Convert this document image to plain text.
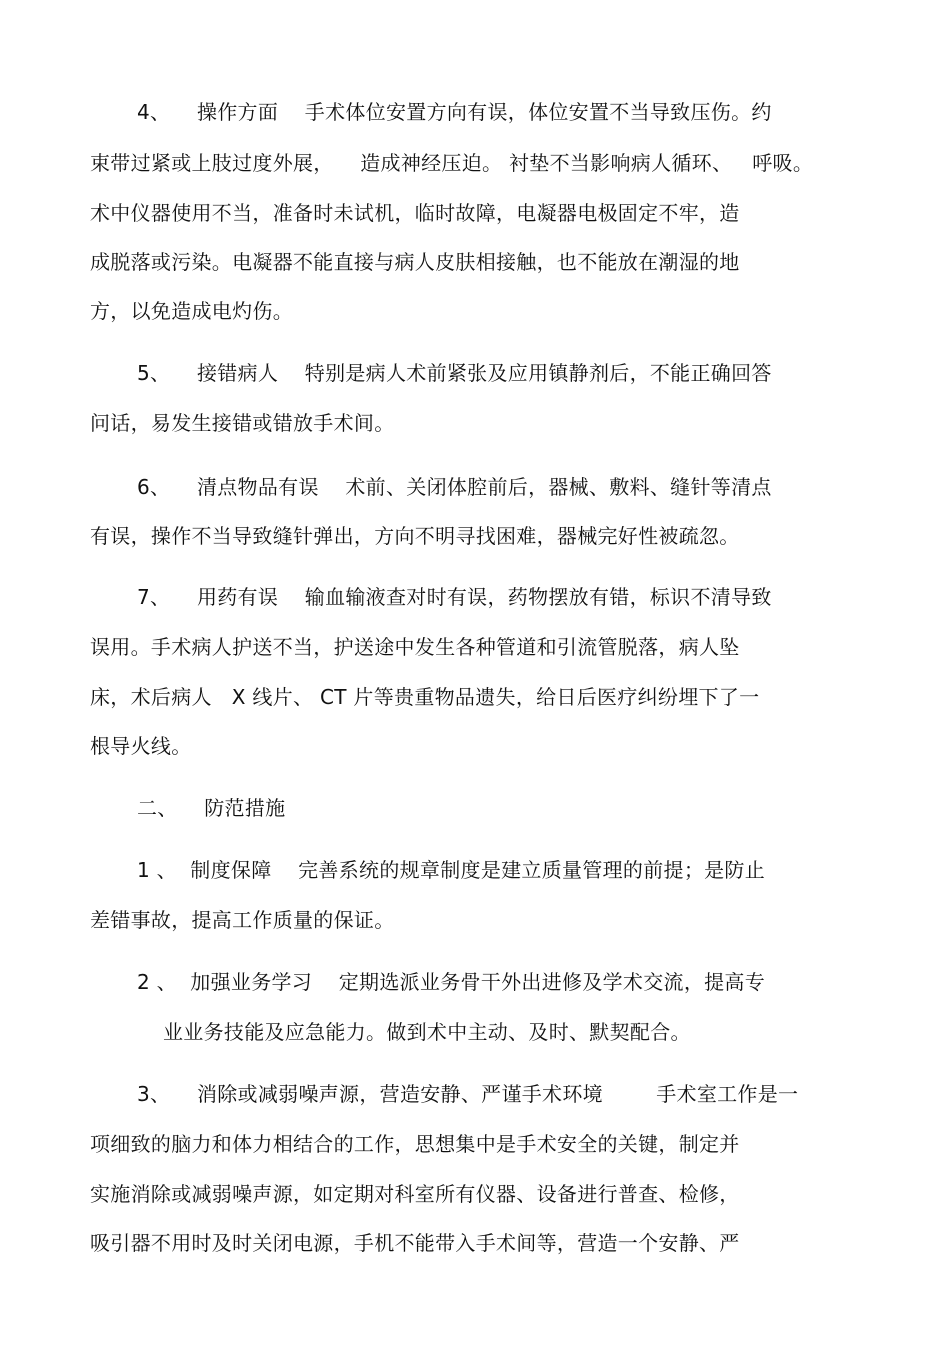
4、    操作方面    手术体位安置方向有误，体位安置不当导致压伤。约
束带过紧或上肢过度外展，    造成神经压迫。 衬垫不当影响病人循环、   呼吸。
术中仪器使用不当，准备时未试机，临时故障，电凝器电极固定不牢，造
成脱落或污染。电凝器不能直接与病人皮肤相接触，也不能放在潮湿的地
方，以免造成电灼伤。
5、    接错病人    特别是病人术前紧张及应用镇静剂后，不能正确回答
问话，易发生接错或错放手术间。
6、    清点物品有误    术前、关闭体腔前后，器械、敷料、缝针等清点
有误，操作不当导致缝针弹出，方向不明寻找困难，器械完好性被疏忽。
7、    用药有误    输血输液查对时有误，药物摆放有错，标识不清导致
误用。手术病人护送不当，护送途中发生各种管道和引流管脱落，病人坠
床，术后病人   X 线片、 CT 片等贵重物品遗失，给日后医疗纠纷埋下了一
根导火线。
二、    防范措施
1 、  制度保障    完善系统的规章制度是建立质量管理的前提；是防止
差错事故，提高工作质量的保证。
2 、  加强业务学习    定期选派业务骨干外出进修及学术交流，提高专
业业务技能及应急能力。做到术中主动、及时、默契配合。
3、    消除或减弱噪声源，营造安静、严谨手术环境        手术室工作是一
项细致的脑力和体力相结合的工作，思想集中是手术安全的关键，制定并
实施消除或减弱噪声源，如定期对科室所有仪器、设备进行普查、检修，
吸引器不用时及时关闭电源，手机不能带入手术间等，营造一个安静、严
